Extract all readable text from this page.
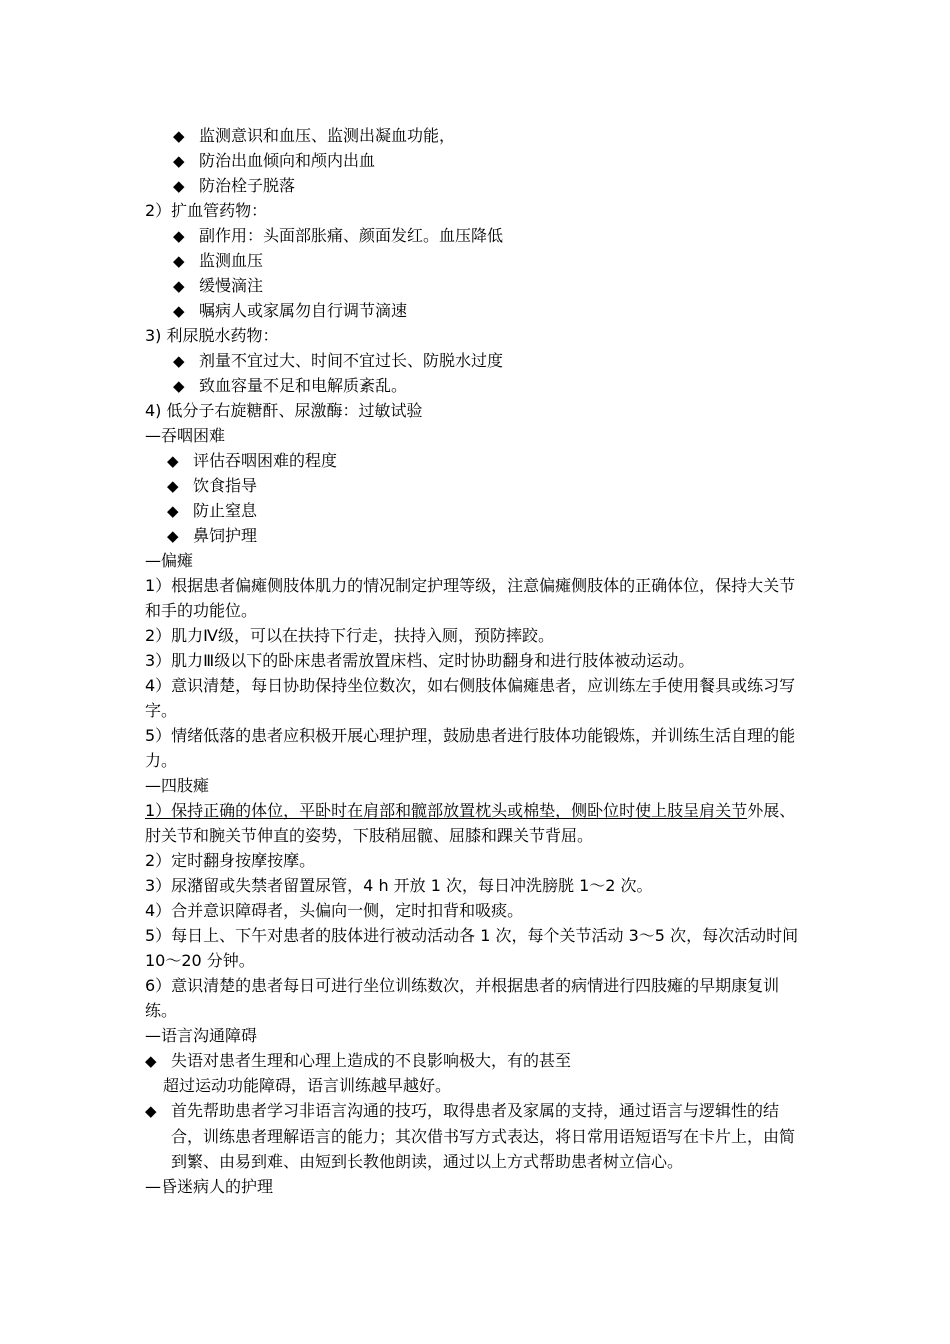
◆ 监测意识和血压、监测出凝血功能，
◆ 防治出血倾向和颅内出血
◆ 防治栓子脱落
2）扩血管药物：
◆ 副作用：头面部胀痛、颜面发红。血压降低
◆ 监测血压
◆ 缓慢滴注
◆ 嘱病人或家属勿自行调节滴速
3) 利尿脱水药物：
◆ 剂量不宜过大、时间不宜过长、防脱水过度
◆ 致血容量不足和电解质紊乱。
4) 低分子右旋糖酐、尿激酶：过敏试验
—吞咽困难
◆ 评估吞咽困难的程度
◆ 饮食指导
◆ 防止窒息
◆ 鼻饲护理
—偏瘫
1）根据患者偏瘫侧肢体肌力的情况制定护理等级，注意偏瘫侧肢体的正确体位，保持大关节和手的功能位。
2）肌力Ⅳ级，可以在扶持下行走，扶持入厕，预防摔跤。
3）肌力Ⅲ级以下的卧床患者需放置床档、定时协助翻身和进行肢体被动运动。
4）意识清楚，每日协助保持坐位数次，如右侧肢体偏瘫患者，应训练左手使用餐具或练习写字。
5）情绪低落的患者应积极开展心理护理，鼓励患者进行肢体功能锻炼，并训练生活自理的能力。
—四肢瘫
1）保持正确的体位，平卧时在肩部和髋部放置枕头或棉垫，侧卧位时使上肢呈肩关节外展、肘关节和腕关节伸直的姿势，下肢稍屈髋、屈膝和踝关节背屈。
2）定时翻身按摩按摩。
3）尿潴留或失禁者留置尿管，4 h 开放 1 次，每日冲洗膀胱 1～2 次。
4）合并意识障碍者，头偏向一侧，定时扣背和吸痰。
5）每日上、下午对患者的肢体进行被动活动各 1 次，每个关节活动 3～5 次，每次活动时间 10～20 分钟。
6）意识清楚的患者每日可进行坐位训练数次，并根据患者的病情进行四肢瘫的早期康复训练。
—语言沟通障碍
◆ 失语对患者生理和心理上造成的不良影响极大，有的甚至
超过运动功能障碍，语言训练越早越好。
◆ 首先帮助患者学习非语言沟通的技巧，取得患者及家属的支持，通过语言与逻辑性的结合，训练患者理解语言的能力；其次借书写方式表达，将日常用语短语写在卡片上，由简到繁、由易到难、由短到长教他朗读，通过以上方式帮助患者树立信心。
—昏迷病人的护理
